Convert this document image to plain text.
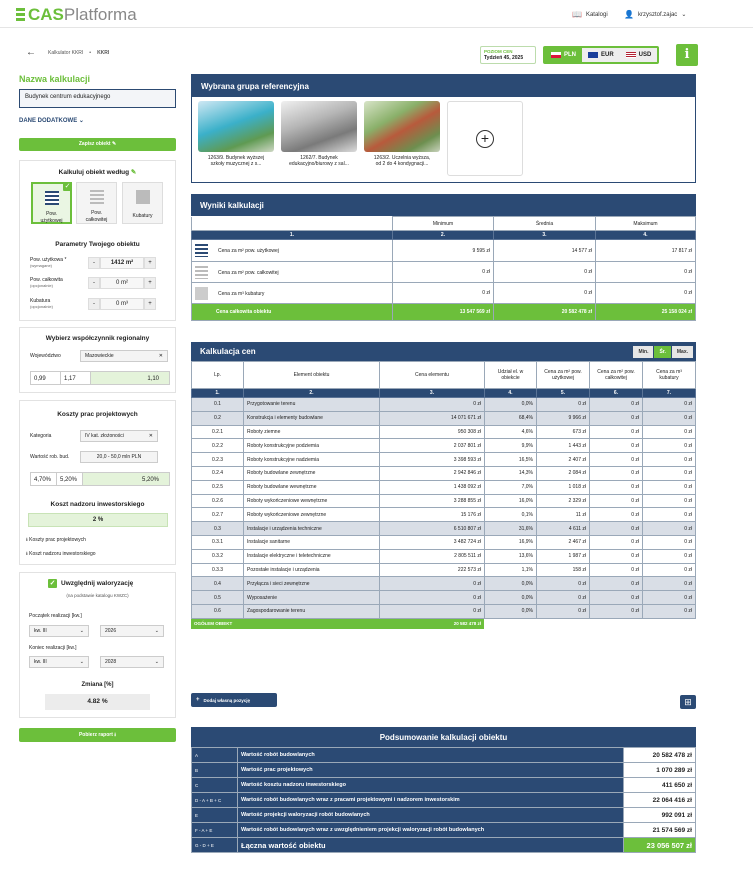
CAS Platforma	📖 Katalogi 👤 krzysztof.zajac ⌄
← Kalkulator KKRI • KKRI	POZIOM CEN
Tydzień 45, 2025	PLN	EUR	USD	i
Nazwa kalkulacji
Budynek centrum edukacyjnego
DANE DODATKOWE ⌄
Zapisz obiekt ✎
Kalkuluj obiekt według ✎
✓
Pow.
użytkowej
Pow.
całkowitej
Kubatury
Parametry Twojego obiektu
Pow. użytkowa *
(wymagane)	-	1412 m²	+
Pow. całkowita
(opcjonalnie)	-	0 m²	+
Kubatura
(opcjonalnie)	-	0 m³	+
Wybierz współczynnik regionalny
Województwo	Mazowieckie	✕
0,99	1,17	1,10
Koszty prac projektowych
Kategoria	IV kat. złożoności	✕
Wartość rob. bud.	20,0 - 50,0 mln PLN
4,70%	5,20%	5,20%
Koszt nadzoru inwestorskiego
2 %
⭳ Koszty prac projektowych
⭳ Koszt nadzoru inwestorskiego
✓ Uwzględnij waloryzację
(na podstawie katalogu KWZC)
Początek realizacji [kw.]
kw. III	⌄	2026	⌄
Koniec realizacji [kw.]
kw. III	⌄	2028	⌄
Zmiana [%]
4.82 %
Pobierz raport ⭳
Wybrana grupa referencyjna
1263/9. Budynek wyższej
szkoły muzycznej z s...
1262/7. Budynek
edukacyjno/biurowy z sal...
1263/2. Uczelnia wyższa,
od 2 do 4 kondygnacji...
+
Wyniki kalkulacji
	Minimum	Średnia	Maksimum
1.	2.	3.	4.
Cena za m² pow. użytkowej	9 595 zł	14 577 zł	17 817 zł
Cena za m² pow. całkowitej	0 zł	0 zł	0 zł
Cena za m³ kubatury	0 zł	0 zł	0 zł
Cena całkowita obiektu	13 547 569 zł	20 582 478 zł	25 158 024 zł
Kalkulacja cen	Min.	Śr.	Max.
Lp.	Element obiektu	Cena elementu	Udział el. w obiekcie	Cena za m² pow. użytkowej	Cena za m² pow. całkowitej	Cena za m³ kubatury
1.	2.	3.	4.	5.	6.	7.
0.1	Przygotowanie terenu	0 zł	0,0%	0 zł	0 zł	0 zł
0.2	Konstrukcja i elementy budowlane	14 071 671 zł	68,4%	9 966 zł	0 zł	0 zł
0.2.1	Roboty ziemne	950 308 zł	4,6%	673 zł	0 zł	0 zł
0.2.2	Roboty konstrukcyjne podziemia	2 037 801 zł	9,9%	1 443 zł	0 zł	0 zł
0.2.3	Roboty konstrukcyjne nadziemia	3 398 593 zł	16,5%	2 407 zł	0 zł	0 zł
0.2.4	Roboty budowlane zewnętrzne	2 942 846 zł	14,3%	2 084 zł	0 zł	0 zł
0.2.5	Roboty budowlane wewnętrzne	1 438 092 zł	7,0%	1 018 zł	0 zł	0 zł
0.2.6	Roboty wykończeniowe wewnętrzne	3 288 855 zł	16,0%	2 329 zł	0 zł	0 zł
0.2.7	Roboty wykończeniowe zewnętrzne	15 176 zł	0,1%	11 zł	0 zł	0 zł
0.3	Instalacje i urządzenia techniczne	6 510 807 zł	31,6%	4 611 zł	0 zł	0 zł
0.3.1	Instalacje sanitarne	3 482 724 zł	16,9%	2 467 zł	0 zł	0 zł
0.3.2	Instalacje elektryczne i teletechniczne	2 805 511 zł	13,6%	1 987 zł	0 zł	0 zł
0.3.3	Pozostałe instalacje i urządzenia	222 573 zł	1,1%	158 zł	0 zł	0 zł
0.4	Przyłącza i sieci zewnętrzne	0 zł	0,0%	0 zł	0 zł	0 zł
0.5	Wyposażenie	0 zł	0,0%	0 zł	0 zł	0 zł
0.6	Zagospodarowanie terenu	0 zł	0,0%	0 zł	0 zł	0 zł
OGÓŁEM OBIEKT	20 582 478 zł
+ Dodaj własną pozycję	⊞
Podsumowanie kalkulacji obiektu
A	Wartość robót budowlanych	20 582 478 zł
B	Wartość prac projektowych	1 070 289 zł
C	Wartość kosztu nadzoru inwestorskiego	411 650 zł
D - A + B + C	Wartość robót budowlanych wraz z pracami projektowymi i nadzorem inwestorskim	22 064 416 zł
E	Wartość projekcji waloryzacji robót budowlanych	992 091 zł
F - A + E	Wartość robót budowlanych wraz z uwzględnieniem projekcji waloryzacji robót budowlanych	21 574 569 zł
G - D + E	Łączna wartość obiektu	23 056 507 zł
